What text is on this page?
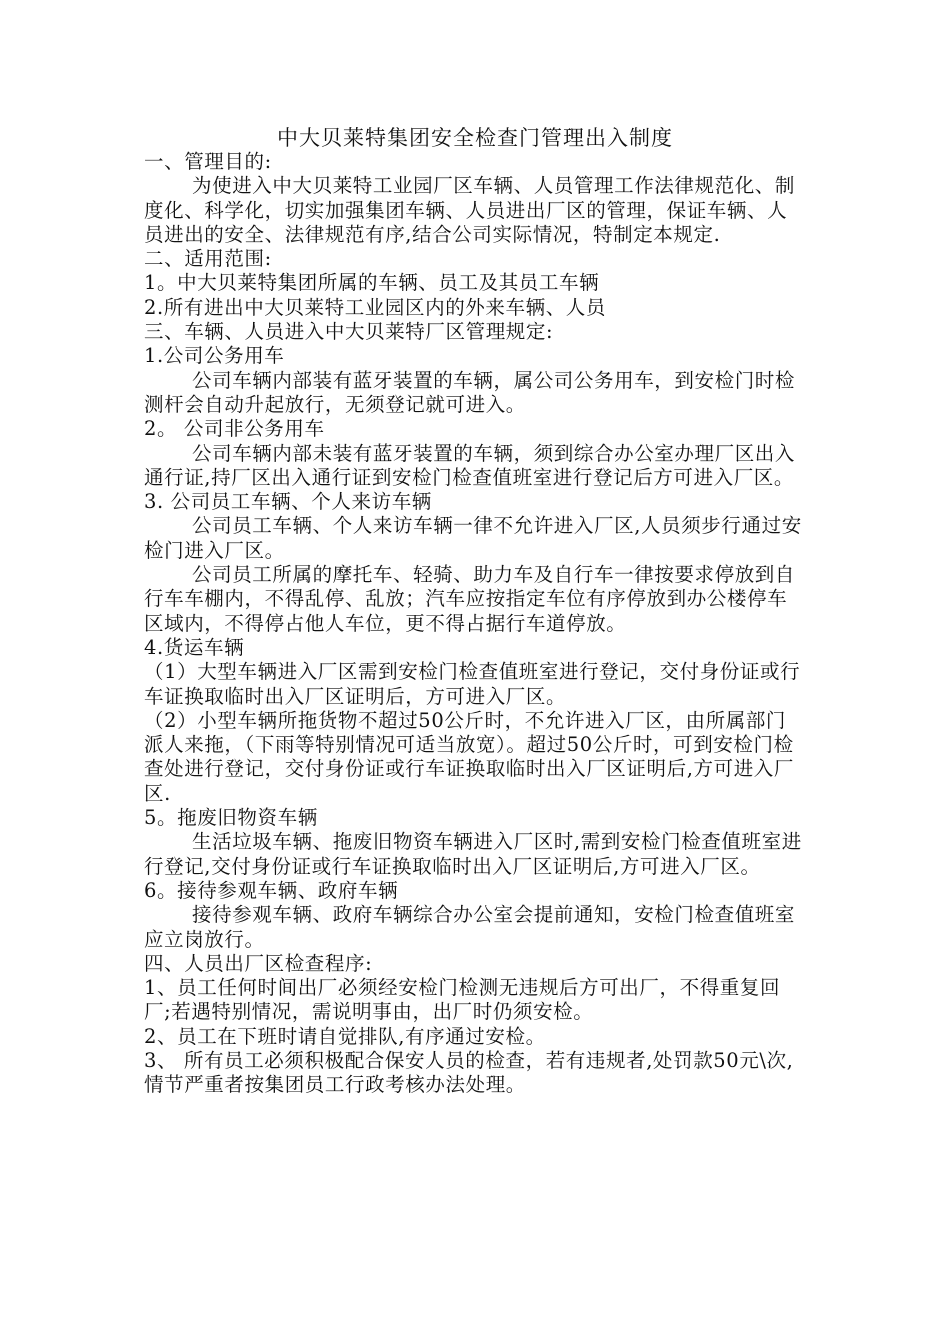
中大贝莱特集团安全检查门管理出入制度

一、管理目的:

为使进入中大贝莱特工业园厂区车辆、人员管理工作法律规范化、制度化、科学化，切实加强集团车辆、人员进出厂区的管理，保证车辆、人员进出的安全、法律规范有序,结合公司实际情况，特制定本规定.

二、适用范围:

1。中大贝莱特集团所属的车辆、员工及其员工车辆

2.所有进出中大贝莱特工业园区内的外来车辆、人员

三、车辆、人员进入中大贝莱特厂区管理规定:

1.公司公务用车

公司车辆内部装有蓝牙装置的车辆，属公司公务用车，到安检门时检测杆会自动升起放行，无须登记就可进入。

2。 公司非公务用车

公司车辆内部未装有蓝牙装置的车辆，须到综合办公室办理厂区出入通行证,持厂区出入通行证到安检门检查值班室进行登记后方可进入厂区。

3. 公司员工车辆、个人来访车辆

公司员工车辆、个人来访车辆一律不允许进入厂区,人员须步行通过安检门进入厂区。

公司员工所属的摩托车、轻骑、助力车及自行车一律按要求停放到自行车车棚内，不得乱停、乱放；汽车应按指定车位有序停放到办公楼停车区域内，不得停占他人车位，更不得占据行车道停放。

4.货运车辆

（1）大型车辆进入厂区需到安检门检查值班室进行登记，交付身份证或行车证换取临时出入厂区证明后，方可进入厂区。

（2）小型车辆所拖货物不超过50公斤时，不允许进入厂区，由所属部门派人来拖，（下雨等特别情况可适当放宽）。超过50公斤时，可到安检门检查处进行登记，交付身份证或行车证换取临时出入厂区证明后,方可进入厂区.

5。拖废旧物资车辆

生活垃圾车辆、拖废旧物资车辆进入厂区时,需到安检门检查值班室进行登记,交付身份证或行车证换取临时出入厂区证明后,方可进入厂区。

6。接待参观车辆、政府车辆

接待参观车辆、政府车辆综合办公室会提前通知，安检门检查值班室应立岗放行。

四、人员出厂区检查程序:

1、员工任何时间出厂必须经安检门检测无违规后方可出厂，不得重复回厂;若遇特别情况，需说明事由，出厂时仍须安检。

2、员工在下班时请自觉排队,有序通过安检。

3、 所有员工必须积极配合保安人员的检查，若有违规者,处罚款50元\次,情节严重者按集团员工行政考核办法处理。
